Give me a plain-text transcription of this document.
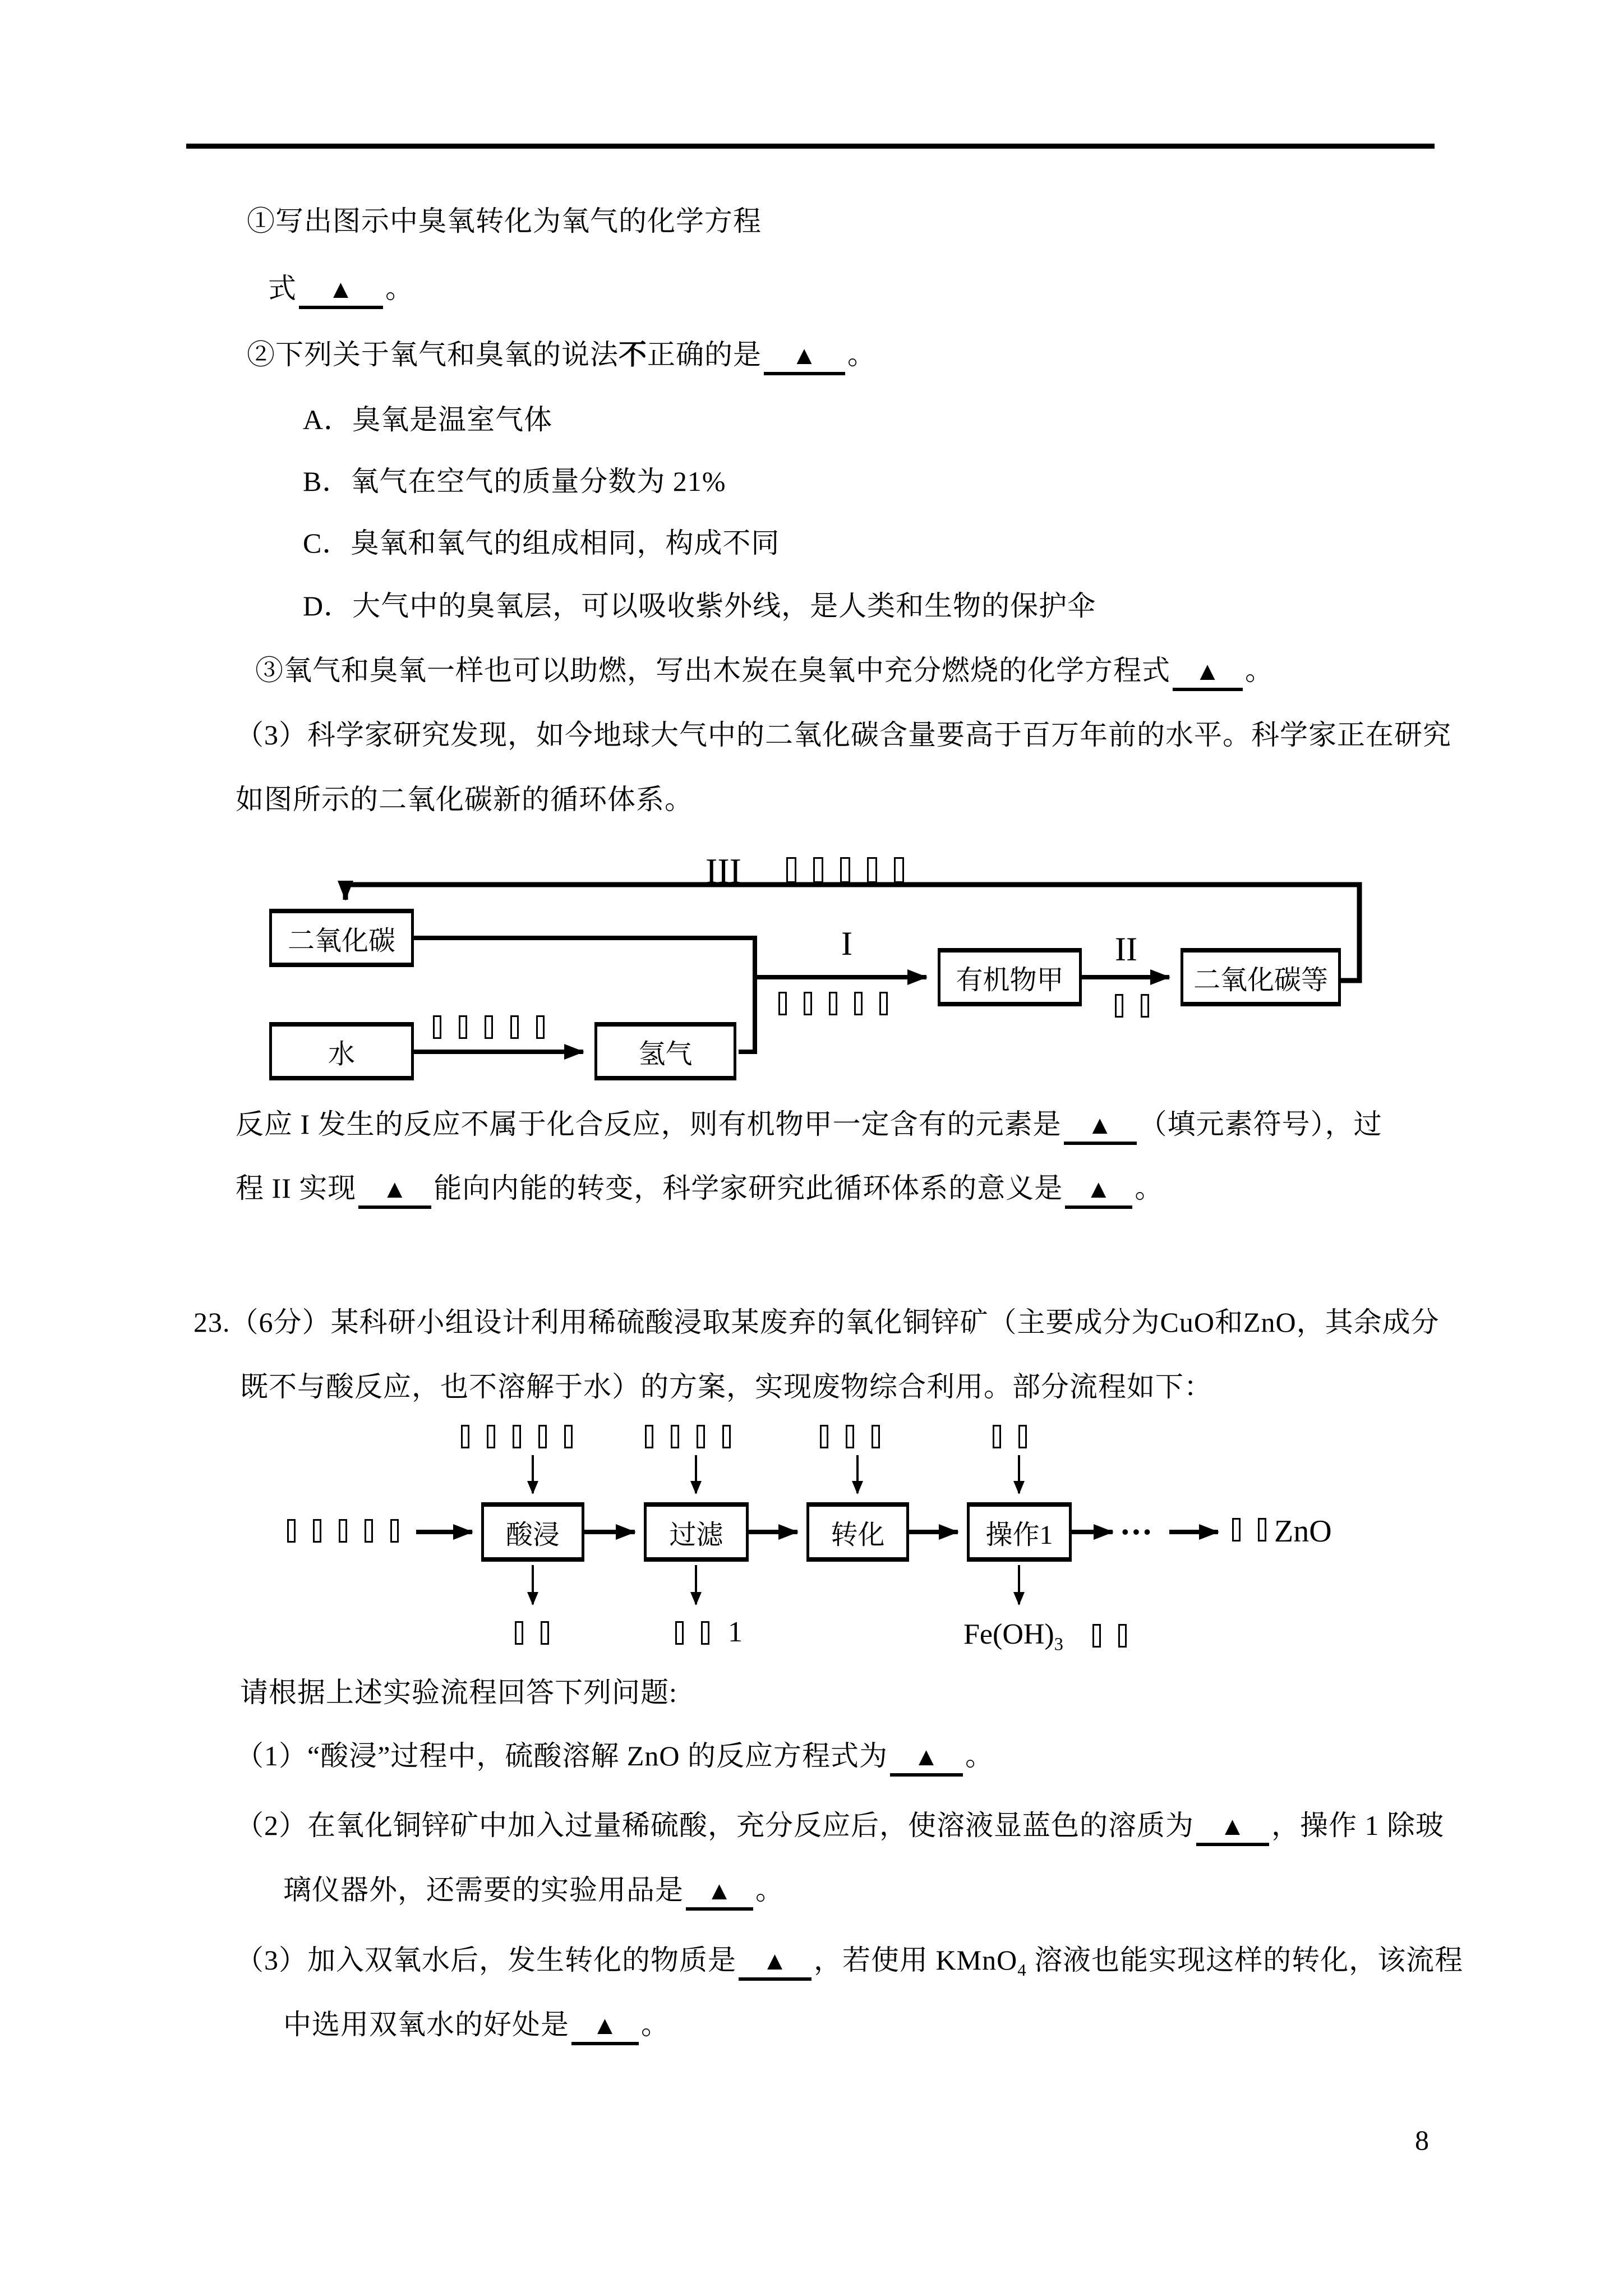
①写出图示中臭氧转化为氧气的化学方程
式 ▲ 。
②下列关于氧气和臭氧的说法不正确的是 ▲ 。
A．臭氧是温室气体
B．氧气在空气的质量分数为 21%
C．臭氧和氧气的组成相同，构成不同
D．大气中的臭氧层，可以吸收紫外线，是人类和生物的保护伞
③氧气和臭氧一样也可以助燃，写出木炭在臭氧中充分燃烧的化学方程式 ▲ 。
（3）科学家研究发现，如今地球大气中的二氧化碳含量要高于百万年前的水平。科学家正在研究
如图所示的二氧化碳新的循环体系。
反应 I 发生的反应不属于化合反应，则有机物甲一定含有的元素是 ▲ （填元素符号），过
程 II 实现 ▲ 能向内能的转变，科学家研究此循环体系的意义是 ▲ 。
23.（6分）某科研小组设计利用稀硫酸浸取某废弃的氧化铜锌矿（主要成分为CuO和ZnO，其余成分
既不与酸反应，也不溶解于水）的方案，实现废物综合利用。部分流程如下：
请根据上述实验流程回答下列问题:
（1）“酸浸”过程中，硫酸溶解 ZnO 的反应方程式为 ▲ 。
（2）在氧化铜锌矿中加入过量稀硫酸，充分反应后，使溶液显蓝色的溶质为 ▲ ，操作 1 除玻
璃仪器外，还需要的实验用品是 ▲ 。
（3）加入双氧水后，发生转化的物质是 ▲ ，若使用 KMnO$_4$ 溶液也能实现这样的转化，该流程
中选用双氧水的好处是 ▲ 。
二氧化碳
水	氢气
有机物甲	二氧化碳等
III
I	II
酸浸	过滤	转化	操作1
1
•••	ZnO
$Fe(OH)_3$
8
